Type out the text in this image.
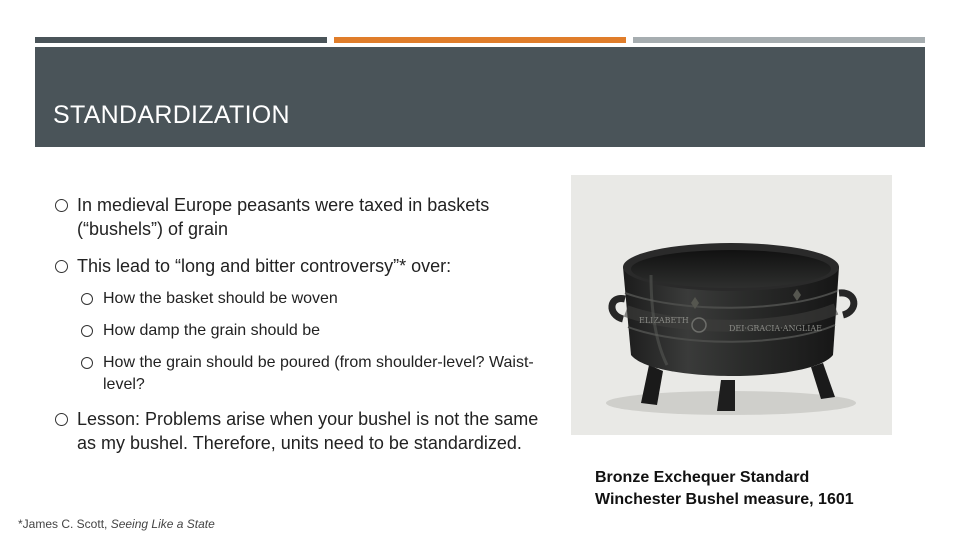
STANDARDIZATION
In medieval Europe peasants were taxed in baskets (“bushels”) of grain
This lead to “long and bitter controversy”* over:
How the basket should be woven
How damp the grain should be
How the grain should be poured (from shoulder-level? Waist-level?
Lesson: Problems arise when your bushel is not the same as my bushel. Therefore, units need to be standardized.
*James C. Scott, Seeing Like a State
ELIZABETH
DEI·GRACIA·ANGLIAE
Bronze Exchequer Standard Winchester Bushel measure, 1601
